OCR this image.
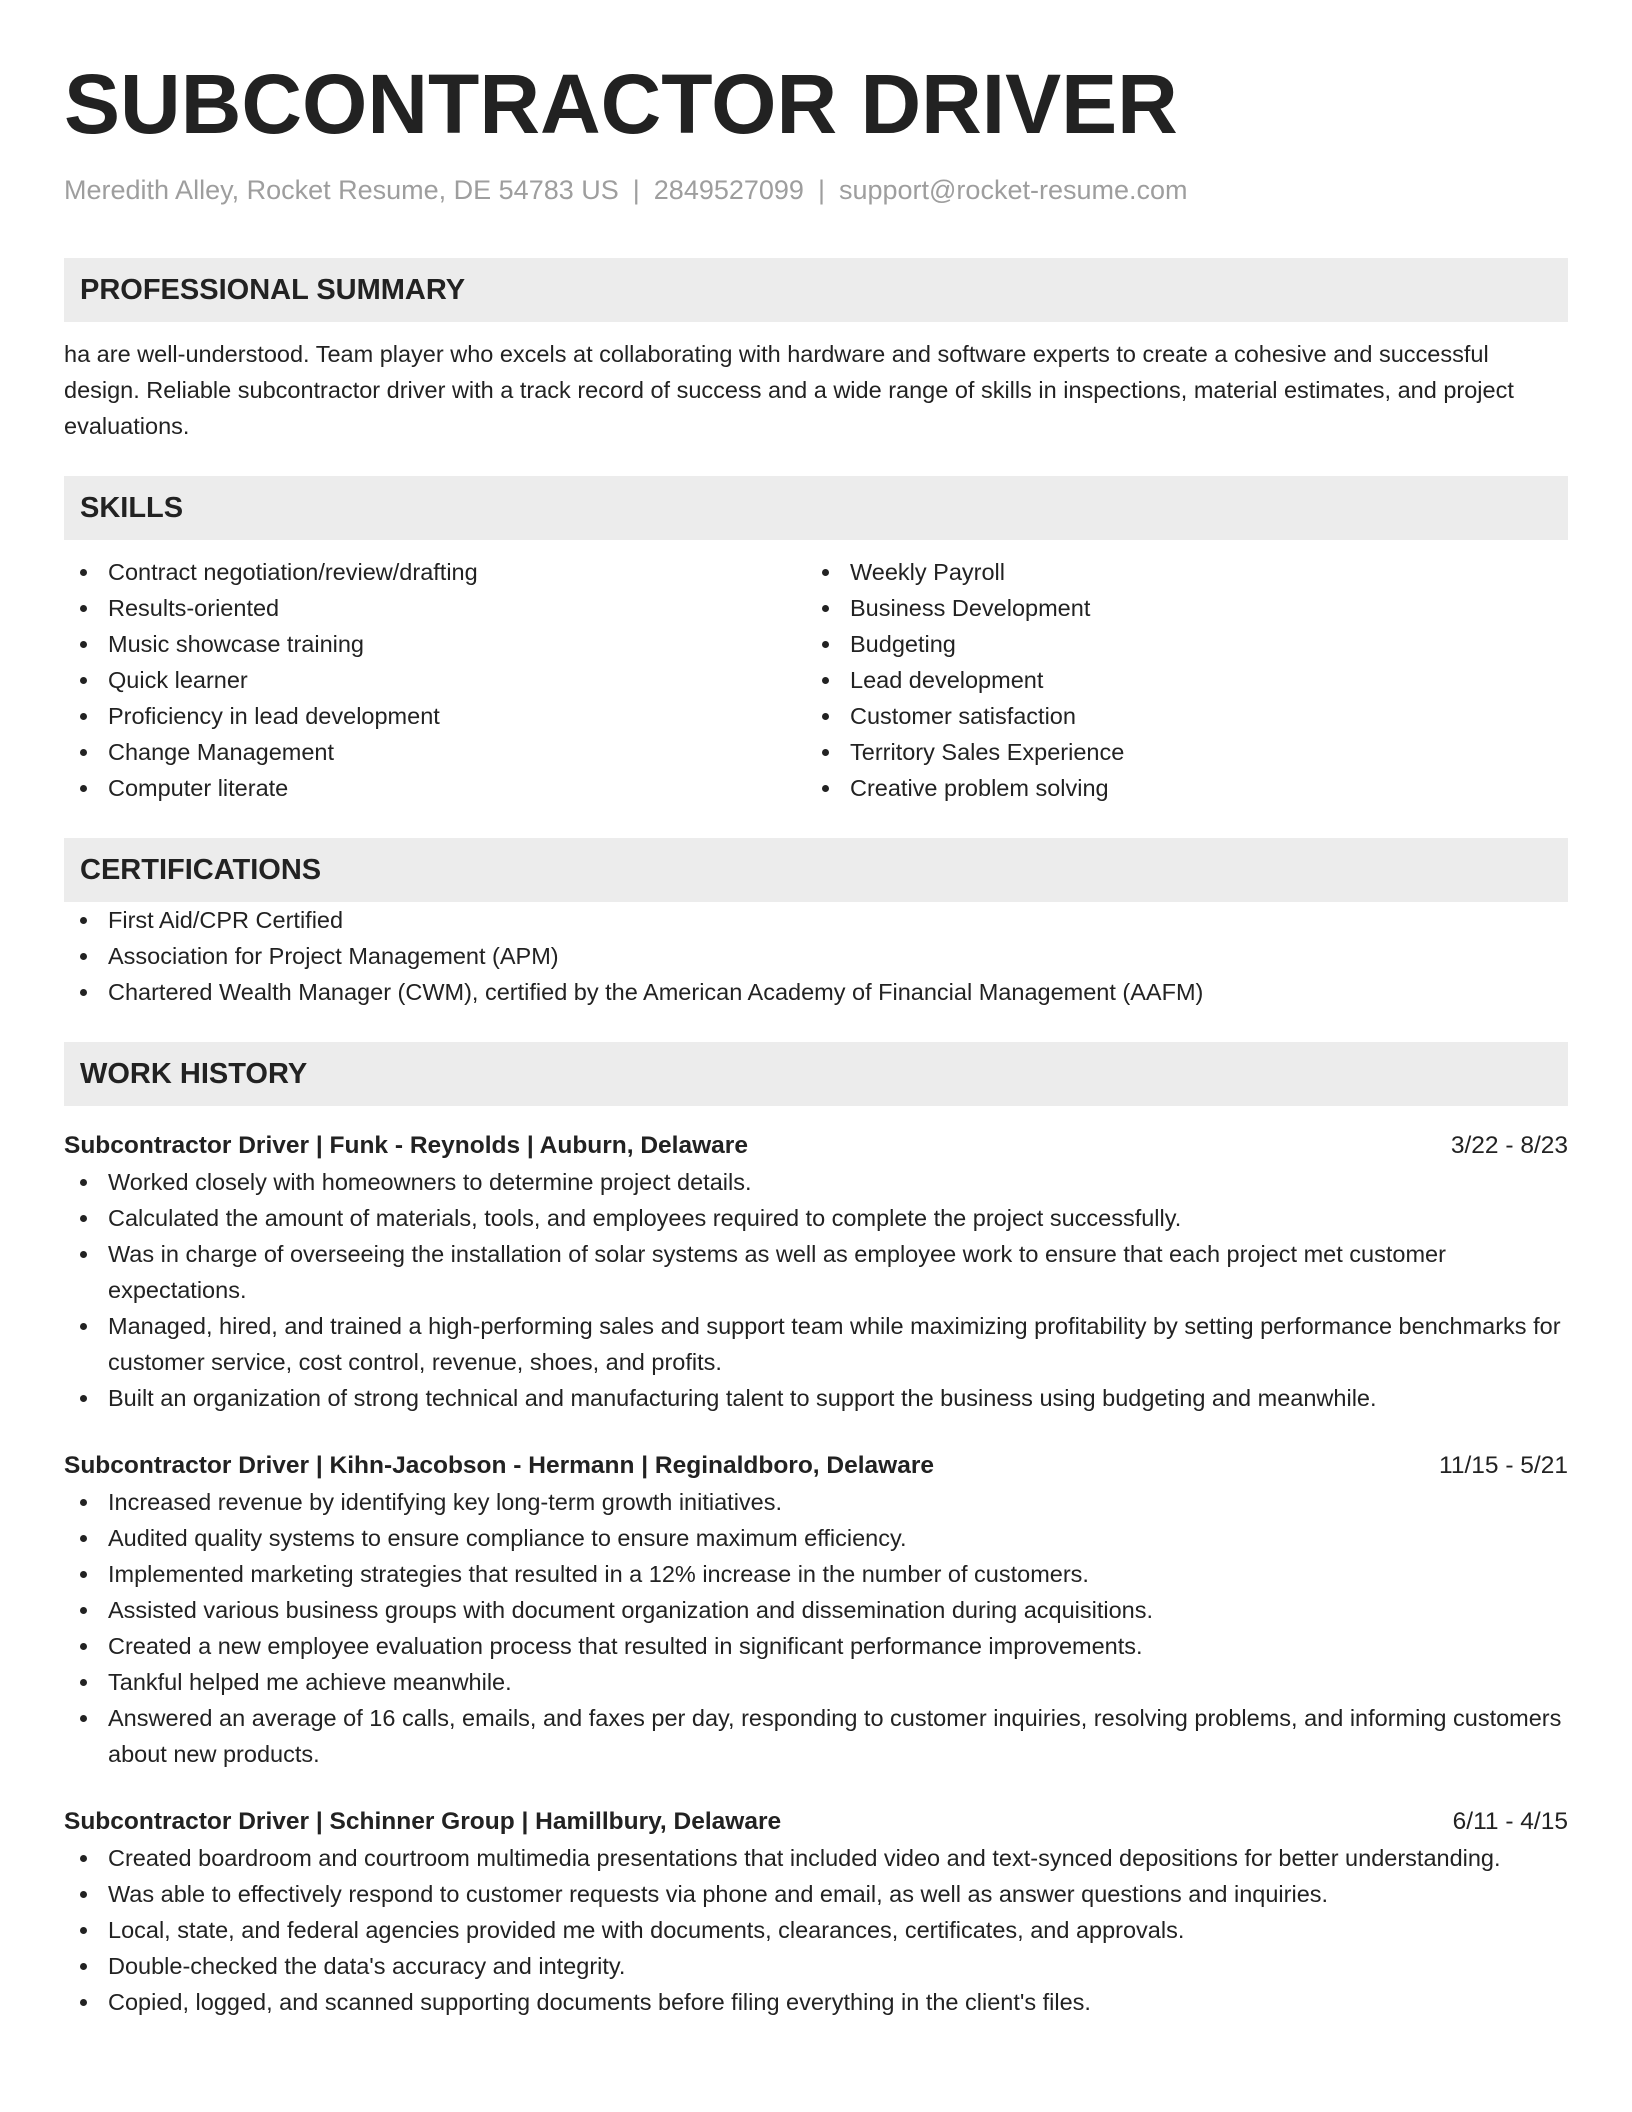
SUBCONTRACTOR DRIVER
Meredith Alley, Rocket Resume, DE 54783 US | 2849527099 | support@rocket-resume.com
PROFESSIONAL SUMMARY
ha are well-understood. Team player who excels at collaborating with hardware and software experts to create a cohesive and successful design. Reliable subcontractor driver with a track record of success and a wide range of skills in inspections, material estimates, and project evaluations.
SKILLS
Contract negotiation/review/drafting
Results-oriented
Music showcase training
Quick learner
Proficiency in lead development
Change Management
Computer literate
Weekly Payroll
Business Development
Budgeting
Lead development
Customer satisfaction
Territory Sales Experience
Creative problem solving
CERTIFICATIONS
First Aid/CPR Certified
Association for Project Management (APM)
Chartered Wealth Manager (CWM), certified by the American Academy of Financial Management (AAFM)
WORK HISTORY
Subcontractor Driver | Funk - Reynolds | Auburn, Delaware	3/22 - 8/23
Worked closely with homeowners to determine project details.
Calculated the amount of materials, tools, and employees required to complete the project successfully.
Was in charge of overseeing the installation of solar systems as well as employee work to ensure that each project met customer expectations.
Managed, hired, and trained a high-performing sales and support team while maximizing profitability by setting performance benchmarks for customer service, cost control, revenue, shoes, and profits.
Built an organization of strong technical and manufacturing talent to support the business using budgeting and meanwhile.
Subcontractor Driver | Kihn-Jacobson - Hermann | Reginaldboro, Delaware	11/15 - 5/21
Increased revenue by identifying key long-term growth initiatives.
Audited quality systems to ensure compliance to ensure maximum efficiency.
Implemented marketing strategies that resulted in a 12% increase in the number of customers.
Assisted various business groups with document organization and dissemination during acquisitions.
Created a new employee evaluation process that resulted in significant performance improvements.
Tankful helped me achieve meanwhile.
Answered an average of 16 calls, emails, and faxes per day, responding to customer inquiries, resolving problems, and informing customers about new products.
Subcontractor Driver | Schinner Group | Hamillbury, Delaware	6/11 - 4/15
Created boardroom and courtroom multimedia presentations that included video and text-synced depositions for better understanding.
Was able to effectively respond to customer requests via phone and email, as well as answer questions and inquiries.
Local, state, and federal agencies provided me with documents, clearances, certificates, and approvals.
Double-checked the data's accuracy and integrity.
Copied, logged, and scanned supporting documents before filing everything in the client's files.
